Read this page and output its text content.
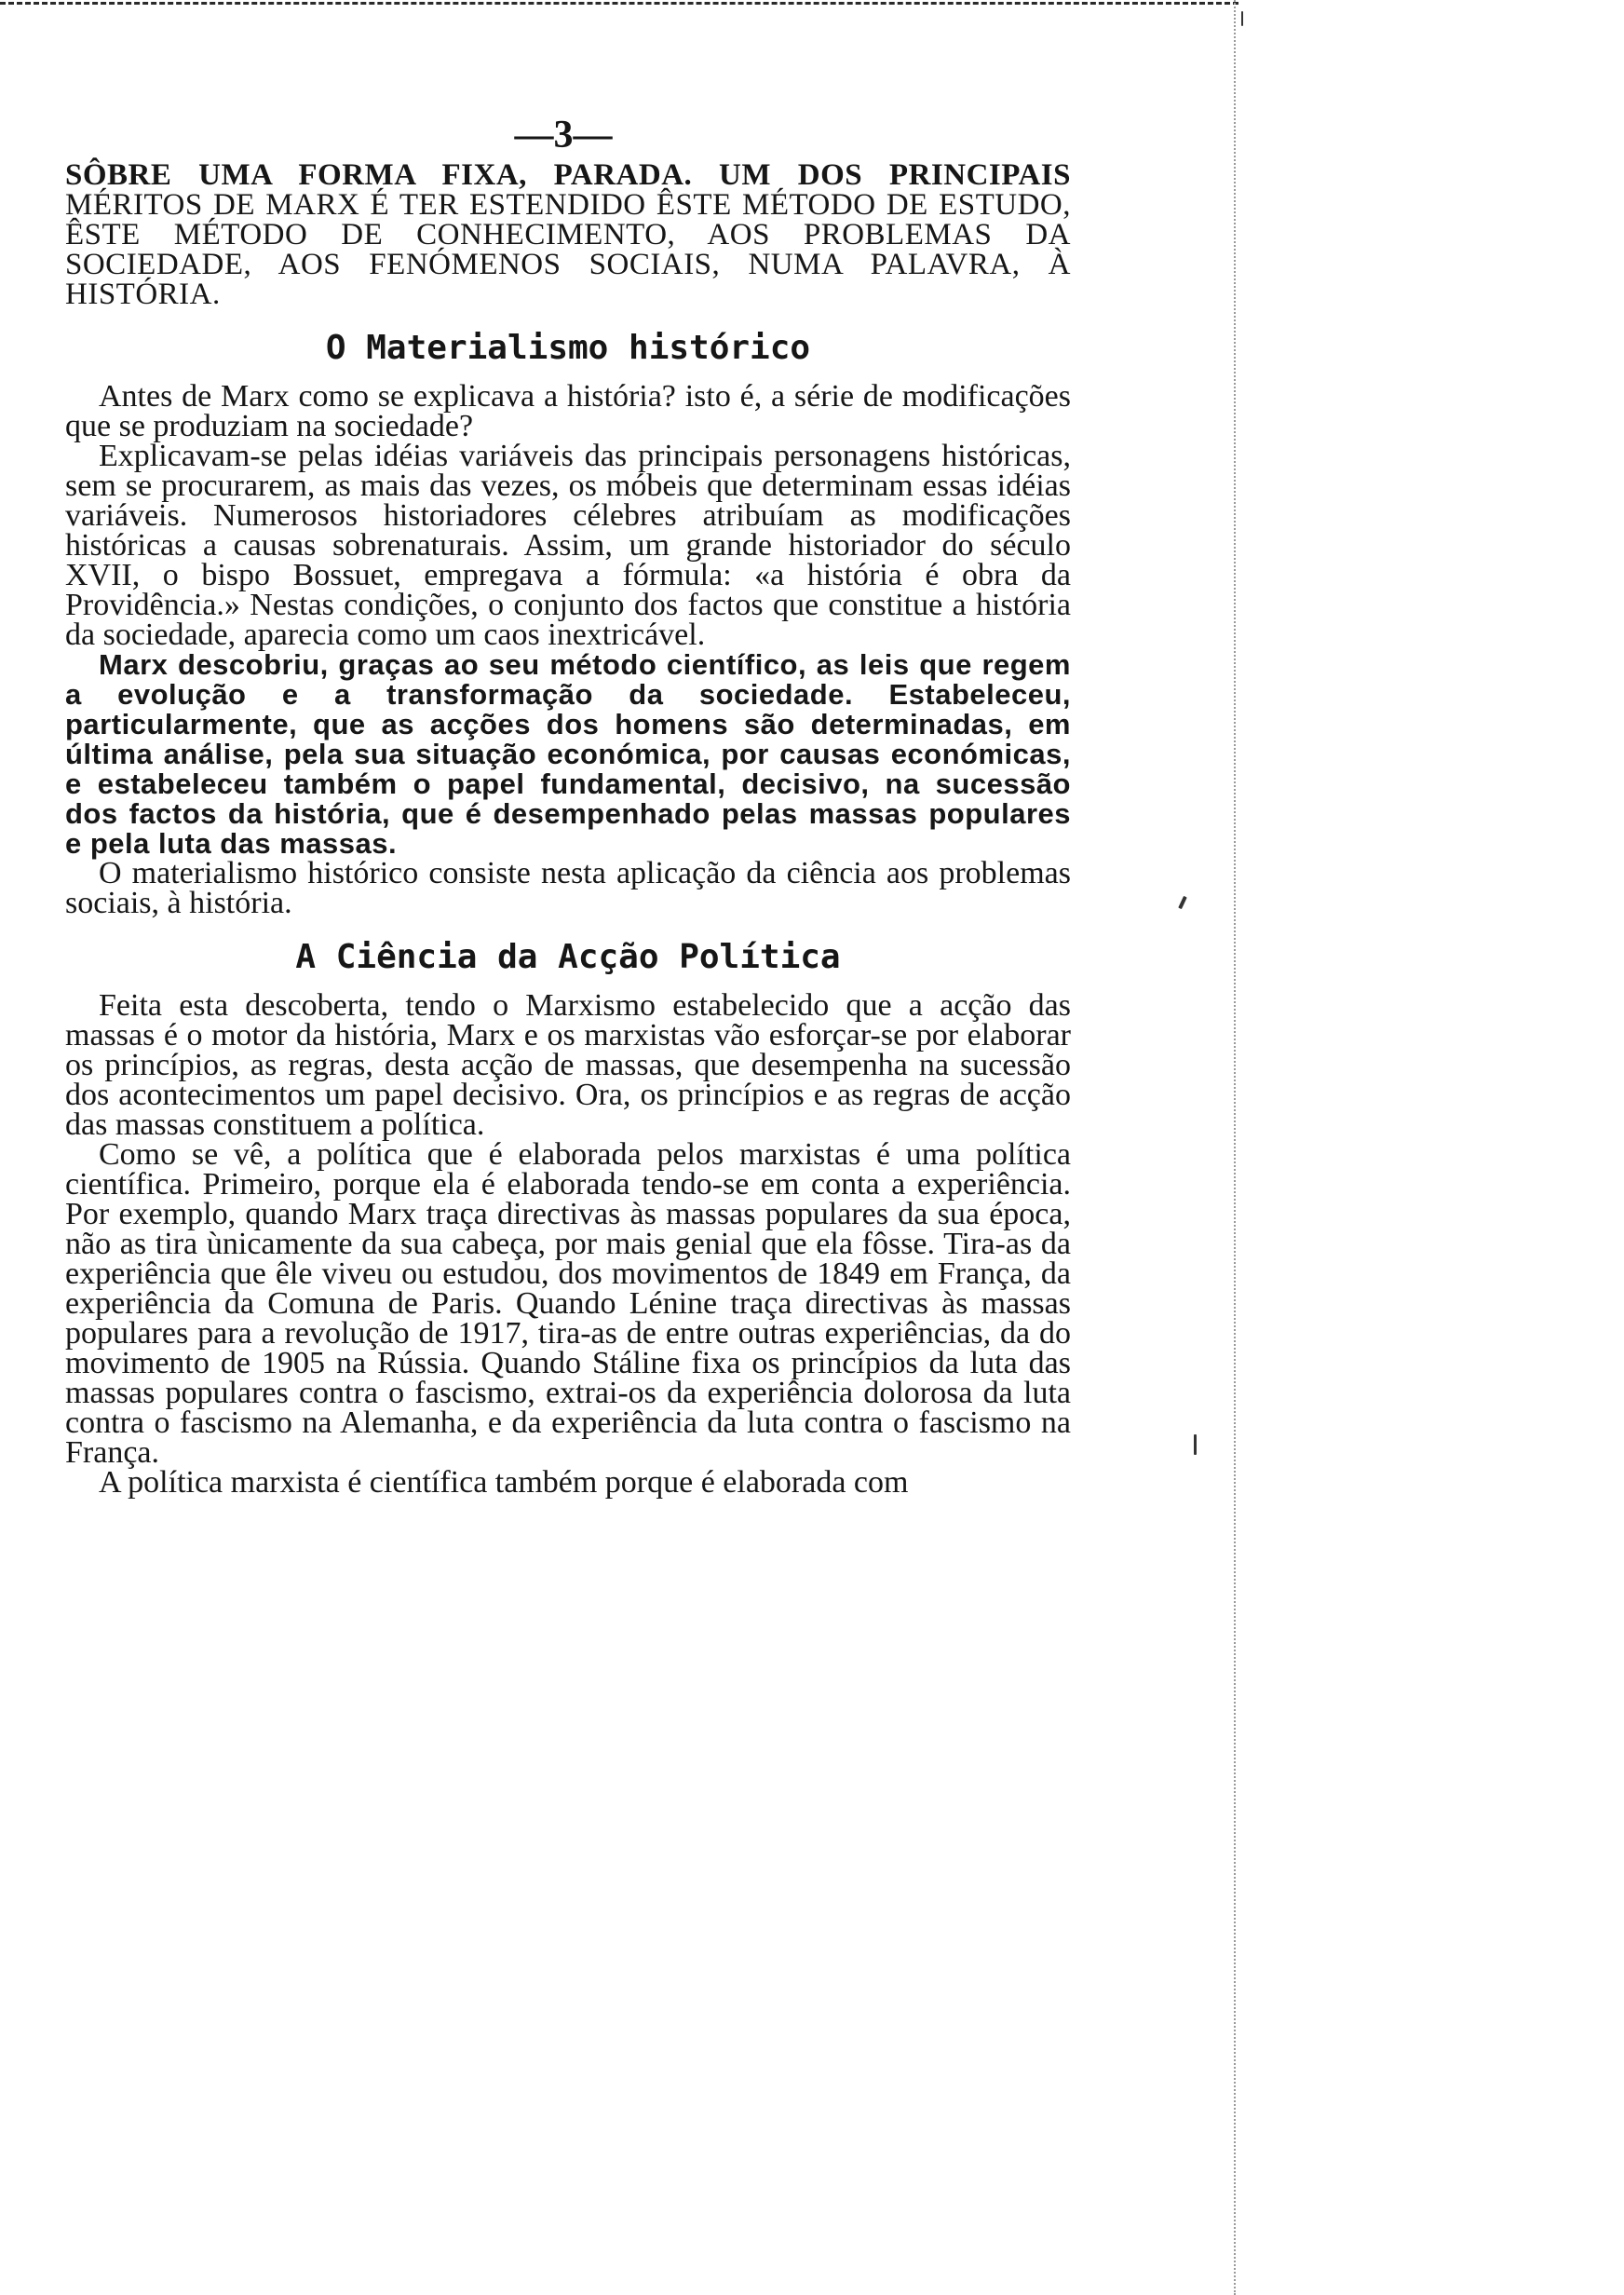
—3—

SÔBRE UMA FORMA FIXA, PARADA. UM DOS PRINCIPAIS MÉRITOS DE MARX É TER ESTENDIDO ÊSTE MÉTODO DE ESTUDO, ÊSTE MÉTODO DE CONHECIMENTO, AOS PROBLEMAS DA SOCIEDADE, AOS FENÓMENOS SOCIAIS, NUMA PALAVRA, À HISTÓRIA.

O Materialismo histórico

Antes de Marx como se explicava a história? isto é, a série de modificações que se produziam na sociedade?

Explicavam-se pelas idéias variáveis das principais personagens históricas, sem se procurarem, as mais das vezes, os móbeis que determinam essas idéias variáveis. Numerosos historiadores célebres atribuíam as modificações históricas a causas sobrenaturais. Assim, um grande historiador do século XVII, o bispo Bossuet, empregava a fórmula: «a história é obra da Providência.» Nestas condições, o conjunto dos factos que constitue a história da sociedade, aparecia como um caos inextricável.

Marx descobriu, graças ao seu método científico, as leis que regem a evolução e a transformação da sociedade. Estabeleceu, particularmente, que as acções dos homens são determinadas, em última análise, pela sua situação económica, por causas económicas, e estabeleceu também o papel fundamental, decisivo, na sucessão dos factos da história, que é desempenhado pelas massas populares e pela luta das massas.

O materialismo histórico consiste nesta aplicação da ciência aos problemas sociais, à história.

A Ciência da Acção Política

Feita esta descoberta, tendo o Marxismo estabelecido que a acção das massas é o motor da história, Marx e os marxistas vão esforçar-se por elaborar os princípios, as regras, desta acção de massas, que desempenha na sucessão dos acontecimentos um papel decisivo. Ora, os princípios e as regras de acção das massas constituem a política.

Como se vê, a política que é elaborada pelos marxistas é uma política científica. Primeiro, porque ela é elaborada tendo-se em conta a experiência. Por exemplo, quando Marx traça directivas às massas populares da sua época, não as tira ùnicamente da sua cabeça, por mais genial que ela fôsse. Tira-as da experiência que êle viveu ou estudou, dos movimentos de 1849 em França, da experiência da Comuna de Paris. Quando Lénine traça directivas às massas populares para a revolução de 1917, tira-as de entre outras experiências, da do movimento de 1905 na Rússia. Quando Stáline fixa os princípios da luta das massas populares contra o fascismo, extrai-os da experiência dolorosa da luta contra o fascismo na Alemanha, e da experiência da luta contra o fascismo na França.

A política marxista é científica também porque é elaborada com
